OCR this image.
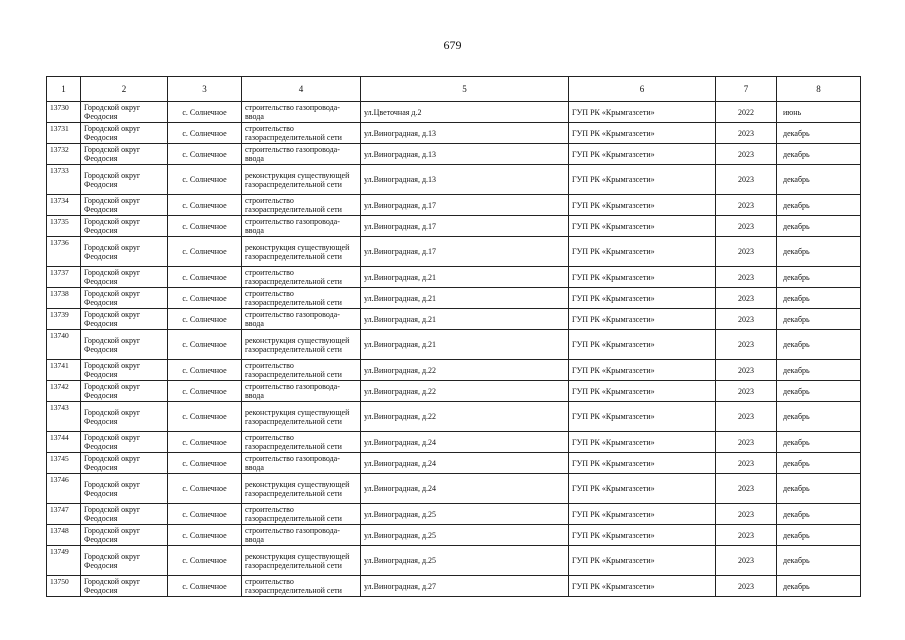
679
1	2	3	4	5	6	7	8
13730	Городской округ Феодосия	с. Солнечное	строительство газопровода-ввода	ул.Цветочная д.2	ГУП РК «Крымгазсети»	2022	июнь
13731	Городской округ Феодосия	с. Солнечное	строительство газораспределительной сети	ул.Виноградная, д.13	ГУП РК «Крымгазсети»	2023	декабрь
13732	Городской округ Феодосия	с. Солнечное	строительство газопровода-ввода	ул.Виноградная, д.13	ГУП РК «Крымгазсети»	2023	декабрь
13733	Городской округ Феодосия	с. Солнечное	реконструкция существующей газораспределительной сети	ул.Виноградная, д.13	ГУП РК «Крымгазсети»	2023	декабрь
13734	Городской округ Феодосия	с. Солнечное	строительство газораспределительной сети	ул.Виноградная, д.17	ГУП РК «Крымгазсети»	2023	декабрь
13735	Городской округ Феодосия	с. Солнечное	строительство газопровода-ввода	ул.Виноградная, д.17	ГУП РК «Крымгазсети»	2023	декабрь
13736	Городской округ Феодосия	с. Солнечное	реконструкция существующей газораспределительной сети	ул.Виноградная, д.17	ГУП РК «Крымгазсети»	2023	декабрь
13737	Городской округ Феодосия	с. Солнечное	строительство газораспределительной сети	ул.Виноградная, д.21	ГУП РК «Крымгазсети»	2023	декабрь
13738	Городской округ Феодосия	с. Солнечное	строительство газораспределительной сети	ул.Виноградная, д.21	ГУП РК «Крымгазсети»	2023	декабрь
13739	Городской округ Феодосия	с. Солнечное	строительство газопровода-ввода	ул.Виноградная, д.21	ГУП РК «Крымгазсети»	2023	декабрь
13740	Городской округ Феодосия	с. Солнечное	реконструкция существующей газораспределительной сети	ул.Виноградная, д.21	ГУП РК «Крымгазсети»	2023	декабрь
13741	Городской округ Феодосия	с. Солнечное	строительство газораспределительной сети	ул.Виноградная, д.22	ГУП РК «Крымгазсети»	2023	декабрь
13742	Городской округ Феодосия	с. Солнечное	строительство газопровода-ввода	ул.Виноградная, д.22	ГУП РК «Крымгазсети»	2023	декабрь
13743	Городской округ Феодосия	с. Солнечное	реконструкция существующей газораспределительной сети	ул.Виноградная, д.22	ГУП РК «Крымгазсети»	2023	декабрь
13744	Городской округ Феодосия	с. Солнечное	строительство газораспределительной сети	ул.Виноградная, д.24	ГУП РК «Крымгазсети»	2023	декабрь
13745	Городской округ Феодосия	с. Солнечное	строительство газопровода-ввода	ул.Виноградная, д.24	ГУП РК «Крымгазсети»	2023	декабрь
13746	Городской округ Феодосия	с. Солнечное	реконструкция существующей газораспределительной сети	ул.Виноградная, д.24	ГУП РК «Крымгазсети»	2023	декабрь
13747	Городской округ Феодосия	с. Солнечное	строительство газораспределительной сети	ул.Виноградная, д.25	ГУП РК «Крымгазсети»	2023	декабрь
13748	Городской округ Феодосия	с. Солнечное	строительство газопровода-ввода	ул.Виноградная, д.25	ГУП РК «Крымгазсети»	2023	декабрь
13749	Городской округ Феодосия	с. Солнечное	реконструкция существующей газораспределительной сети	ул.Виноградная, д.25	ГУП РК «Крымгазсети»	2023	декабрь
13750	Городской округ Феодосия	с. Солнечное	строительство газораспределительной сети	ул.Виноградная, д.27	ГУП РК «Крымгазсети»	2023	декабрь
